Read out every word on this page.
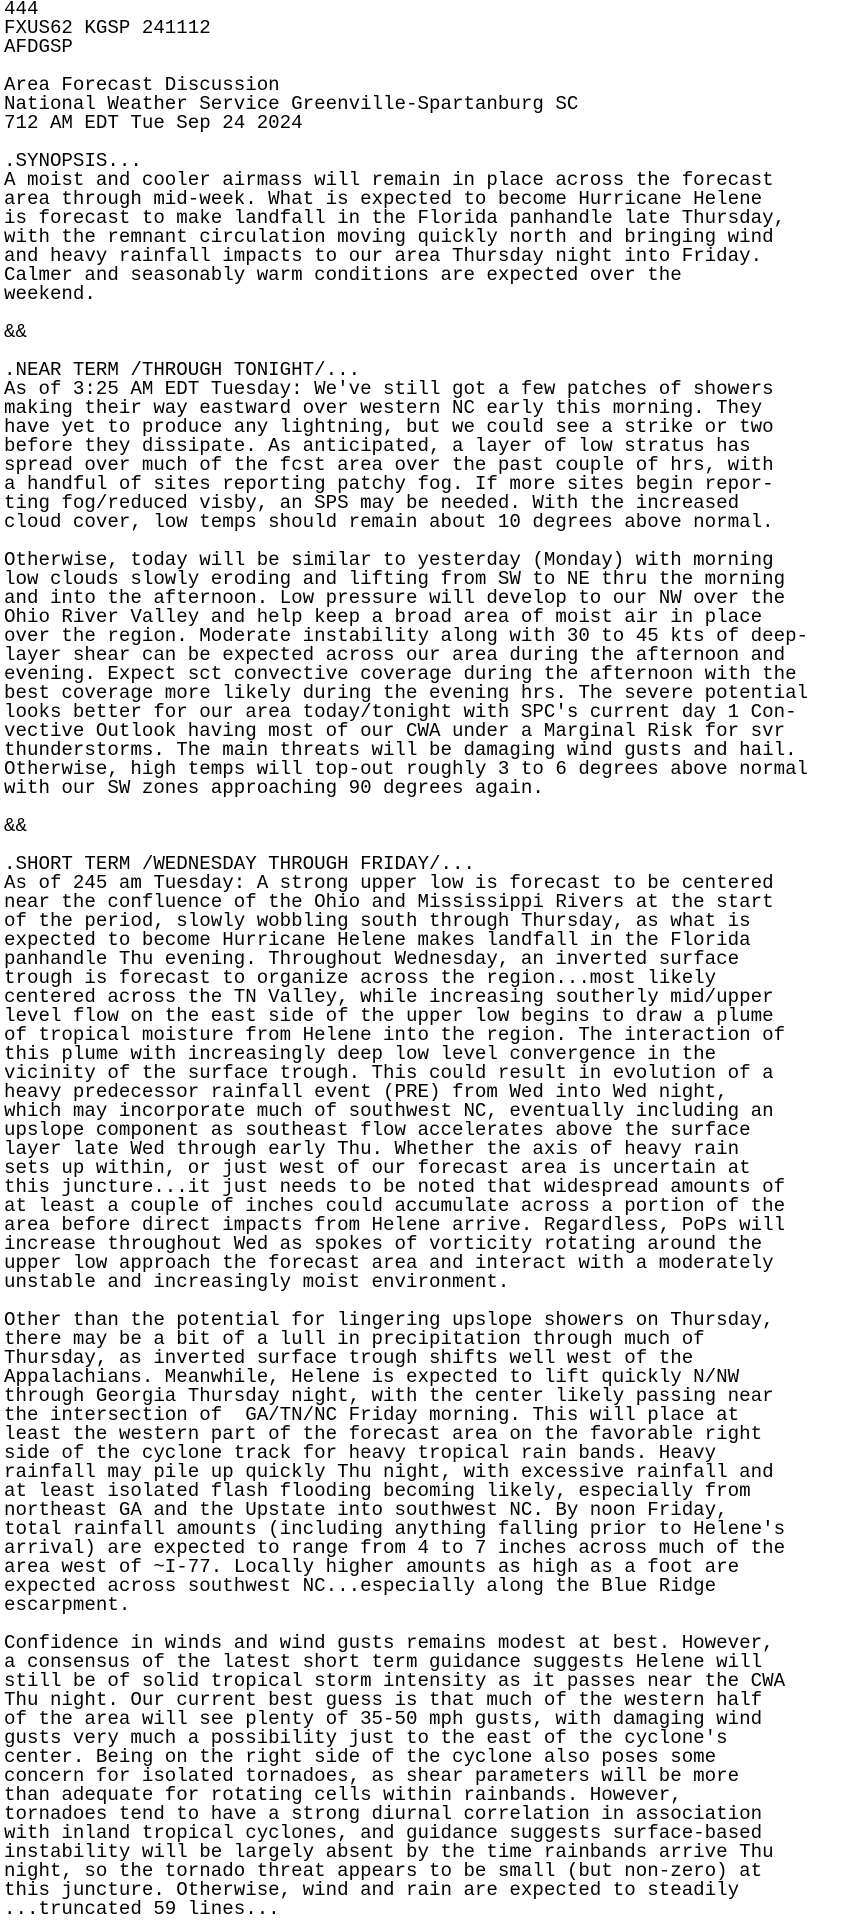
444
FXUS62 KGSP 241112
AFDGSP

Area Forecast Discussion
National Weather Service Greenville-Spartanburg SC
712 AM EDT Tue Sep 24 2024

.SYNOPSIS...
A moist and cooler airmass will remain in place across the forecast
area through mid-week. What is expected to become Hurricane Helene
is forecast to make landfall in the Florida panhandle late Thursday,
with the remnant circulation moving quickly north and bringing wind
and heavy rainfall impacts to our area Thursday night into Friday.
Calmer and seasonably warm conditions are expected over the
weekend.

&&

.NEAR TERM /THROUGH TONIGHT/...
As of 3:25 AM EDT Tuesday: We've still got a few patches of showers
making their way eastward over western NC early this morning. They
have yet to produce any lightning, but we could see a strike or two
before they dissipate. As anticipated, a layer of low stratus has
spread over much of the fcst area over the past couple of hrs, with
a handful of sites reporting patchy fog. If more sites begin repor-
ting fog/reduced visby, an SPS may be needed. With the increased
cloud cover, low temps should remain about 10 degrees above normal.

Otherwise, today will be similar to yesterday (Monday) with morning
low clouds slowly eroding and lifting from SW to NE thru the morning
and into the afternoon. Low pressure will develop to our NW over the
Ohio River Valley and help keep a broad area of moist air in place
over the region. Moderate instability along with 30 to 45 kts of deep-
layer shear can be expected across our area during the afternoon and
evening. Expect sct convective coverage during the afternoon with the
best coverage more likely during the evening hrs. The severe potential
looks better for our area today/tonight with SPC's current day 1 Con-
vective Outlook having most of our CWA under a Marginal Risk for svr
thunderstorms. The main threats will be damaging wind gusts and hail.
Otherwise, high temps will top-out roughly 3 to 6 degrees above normal
with our SW zones approaching 90 degrees again.

&&

.SHORT TERM /WEDNESDAY THROUGH FRIDAY/...
As of 245 am Tuesday: A strong upper low is forecast to be centered
near the confluence of the Ohio and Mississippi Rivers at the start
of the period, slowly wobbling south through Thursday, as what is
expected to become Hurricane Helene makes landfall in the Florida
panhandle Thu evening. Throughout Wednesday, an inverted surface
trough is forecast to organize across the region...most likely
centered across the TN Valley, while increasing southerly mid/upper
level flow on the east side of the upper low begins to draw a plume
of tropical moisture from Helene into the region. The interaction of
this plume with increasingly deep low level convergence in the
vicinity of the surface trough. This could result in evolution of a
heavy predecessor rainfall event (PRE) from Wed into Wed night,
which may incorporate much of southwest NC, eventually including an
upslope component as southeast flow accelerates above the surface
layer late Wed through early Thu. Whether the axis of heavy rain
sets up within, or just west of our forecast area is uncertain at
this juncture...it just needs to be noted that widespread amounts of
at least a couple of inches could accumulate across a portion of the
area before direct impacts from Helene arrive. Regardless, PoPs will
increase throughout Wed as spokes of vorticity rotating around the
upper low approach the forecast area and interact with a moderately
unstable and increasingly moist environment.

Other than the potential for lingering upslope showers on Thursday,
there may be a bit of a lull in precipitation through much of
Thursday, as inverted surface trough shifts well west of the
Appalachians. Meanwhile, Helene is expected to lift quickly N/NW
through Georgia Thursday night, with the center likely passing near
the intersection of  GA/TN/NC Friday morning. This will place at
least the western part of the forecast area on the favorable right
side of the cyclone track for heavy tropical rain bands. Heavy
rainfall may pile up quickly Thu night, with excessive rainfall and
at least isolated flash flooding becoming likely, especially from
northeast GA and the Upstate into southwest NC. By noon Friday,
total rainfall amounts (including anything falling prior to Helene's
arrival) are expected to range from 4 to 7 inches across much of the
area west of ~I-77. Locally higher amounts as high as a foot are
expected across southwest NC...especially along the Blue Ridge
escarpment.

Confidence in winds and wind gusts remains modest at best. However,
a consensus of the latest short term guidance suggests Helene will
still be of solid tropical storm intensity as it passes near the CWA
Thu night. Our current best guess is that much of the western half
of the area will see plenty of 35-50 mph gusts, with damaging wind
gusts very much a possibility just to the east of the cyclone's
center. Being on the right side of the cyclone also poses some
concern for isolated tornadoes, as shear parameters will be more
than adequate for rotating cells within rainbands. However,
tornadoes tend to have a strong diurnal correlation in association
with inland tropical cyclones, and guidance suggests surface-based
instability will be largely absent by the time rainbands arrive Thu
night, so the tornado threat appears to be small (but non-zero) at
this juncture. Otherwise, wind and rain are expected to steadily
...truncated 59 lines...
